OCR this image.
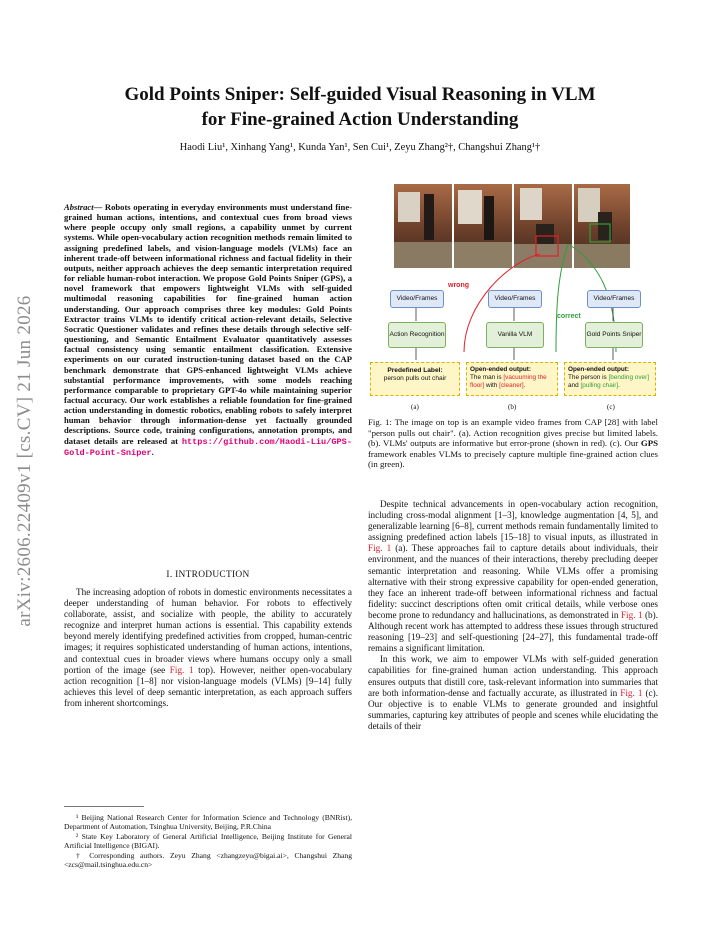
arXiv:2606.22409v1 [cs.CV] 21 Jun 2026
Gold Points Sniper: Self-guided Visual Reasoning in VLM
for Fine-grained Action Understanding
Haodi Liu¹, Xinhang Yang¹, Kunda Yan¹, Sen Cui¹, Zeyu Zhang²†, Changshui Zhang¹†
Abstract— Robots operating in everyday environments must understand fine-grained human actions, intentions, and contextual cues from broad views where people occupy only small regions, a capability unmet by current systems. While open-vocabulary action recognition methods remain limited to assigning predefined labels, and vision-language models (VLMs) face an inherent trade-off between informational richness and factual fidelity in their outputs, neither approach achieves the deep semantic interpretation required for reliable human-robot interaction. We propose Gold Points Sniper (GPS), a novel framework that empowers lightweight VLMs with self-guided multimodal reasoning capabilities for fine-grained human action understanding. Our approach comprises three key modules: Gold Points Extractor trains VLMs to identify critical action-relevant details, Selective Socratic Questioner validates and refines these details through selective self-questioning, and Semantic Entailment Evaluator quantitatively assesses factual consistency using semantic entailment classification. Extensive experiments on our curated instruction-tuning dataset based on the CAP benchmark demonstrate that GPS-enhanced lightweight VLMs achieve substantial performance improvements, with some models reaching performance comparable to proprietary GPT-4o while maintaining superior factual accuracy. Our work establishes a reliable foundation for fine-grained action understanding in domestic robotics, enabling robots to safely interpret human behavior through information-dense yet factually grounded descriptions. Source code, training configurations, annotation prompts, and dataset details are released at https://github.com/Haodi-Liu/GPS-Gold-Point-Sniper.
I. INTRODUCTION

The increasing adoption of robots in domestic environments necessitates a deeper understanding of human behavior. For robots to effectively collaborate, assist, and socialize with people, the ability to accurately recognize and interpret human actions is essential. This capability extends beyond merely identifying predefined activities from cropped, human-centric images; it requires sophisticated understanding of human actions, intentions, and contextual cues in broader views where humans occupy only a small portion of the image (see Fig. 1 top). However, neither open-vocabulary action recognition [1–8] nor vision-language models (VLMs) [9–14] fully achieves this level of deep semantic interpretation, as each approach suffers from inherent shortcomings.

¹ Beijing National Research Center for Information Science and Technology (BNRist), Department of Automation, Tsinghua University, Beijing, P.R.China
² State Key Laboratory of General Artificial Intelligence, Beijing Institute for General Artificial Intelligence (BIGAI).
† Corresponding authors. Zeyu Zhang <zhangzeyu@bigai.ai>, Changshui Zhang <zcs@mail.tsinghua.edu.cn>
wrong
correct
Video/Frames	Video/Frames	Video/Frames
Action Recognition	Vanilla VLM	Gold Points Sniper
Predefined Label:
person pulls out chair
Open-ended output:
The man is [vacuuming the floor] with [cleaner].
Open-ended output:
The person is [bending over] and [pulling chair].
(a)	(b)	(c)
Fig. 1: The image on top is an example video frames from CAP [28] with label "person pulls out chair". (a). Action recognition gives precise but limited labels. (b). VLMs' outputs are informative but error-prone (shown in red). (c). Our GPS framework enables VLMs to precisely capture multiple fine-grained action clues (in green).

Despite technical advancements in open-vocabulary action recognition, including cross-modal alignment [1–3], knowledge augmentation [4, 5], and generalizable learning [6–8], current methods remain fundamentally limited to assigning predefined action labels [15–18] to visual inputs, as illustrated in Fig. 1 (a). These approaches fail to capture details about individuals, their environment, and the nuances of their interactions, thereby precluding deeper semantic interpretation and reasoning. While VLMs offer a promising alternative with their strong expressive capability for open-ended generation, they face an inherent trade-off between informational richness and factual fidelity: succinct descriptions often omit critical details, while verbose ones become prone to redundancy and hallucinations, as demonstrated in Fig. 1 (b). Although recent work has attempted to address these issues through structured reasoning [19–23] and self-questioning [24–27], this fundamental trade-off remains a significant limitation.

In this work, we aim to empower VLMs with self-guided generation capabilities for fine-grained human action understanding. This approach ensures outputs that distill core, task-relevant information into summaries that are both information-dense and factually accurate, as illustrated in Fig. 1 (c). Our objective is to enable VLMs to generate grounded and insightful summaries, capturing key attributes of people and scenes while elucidating the details of their
